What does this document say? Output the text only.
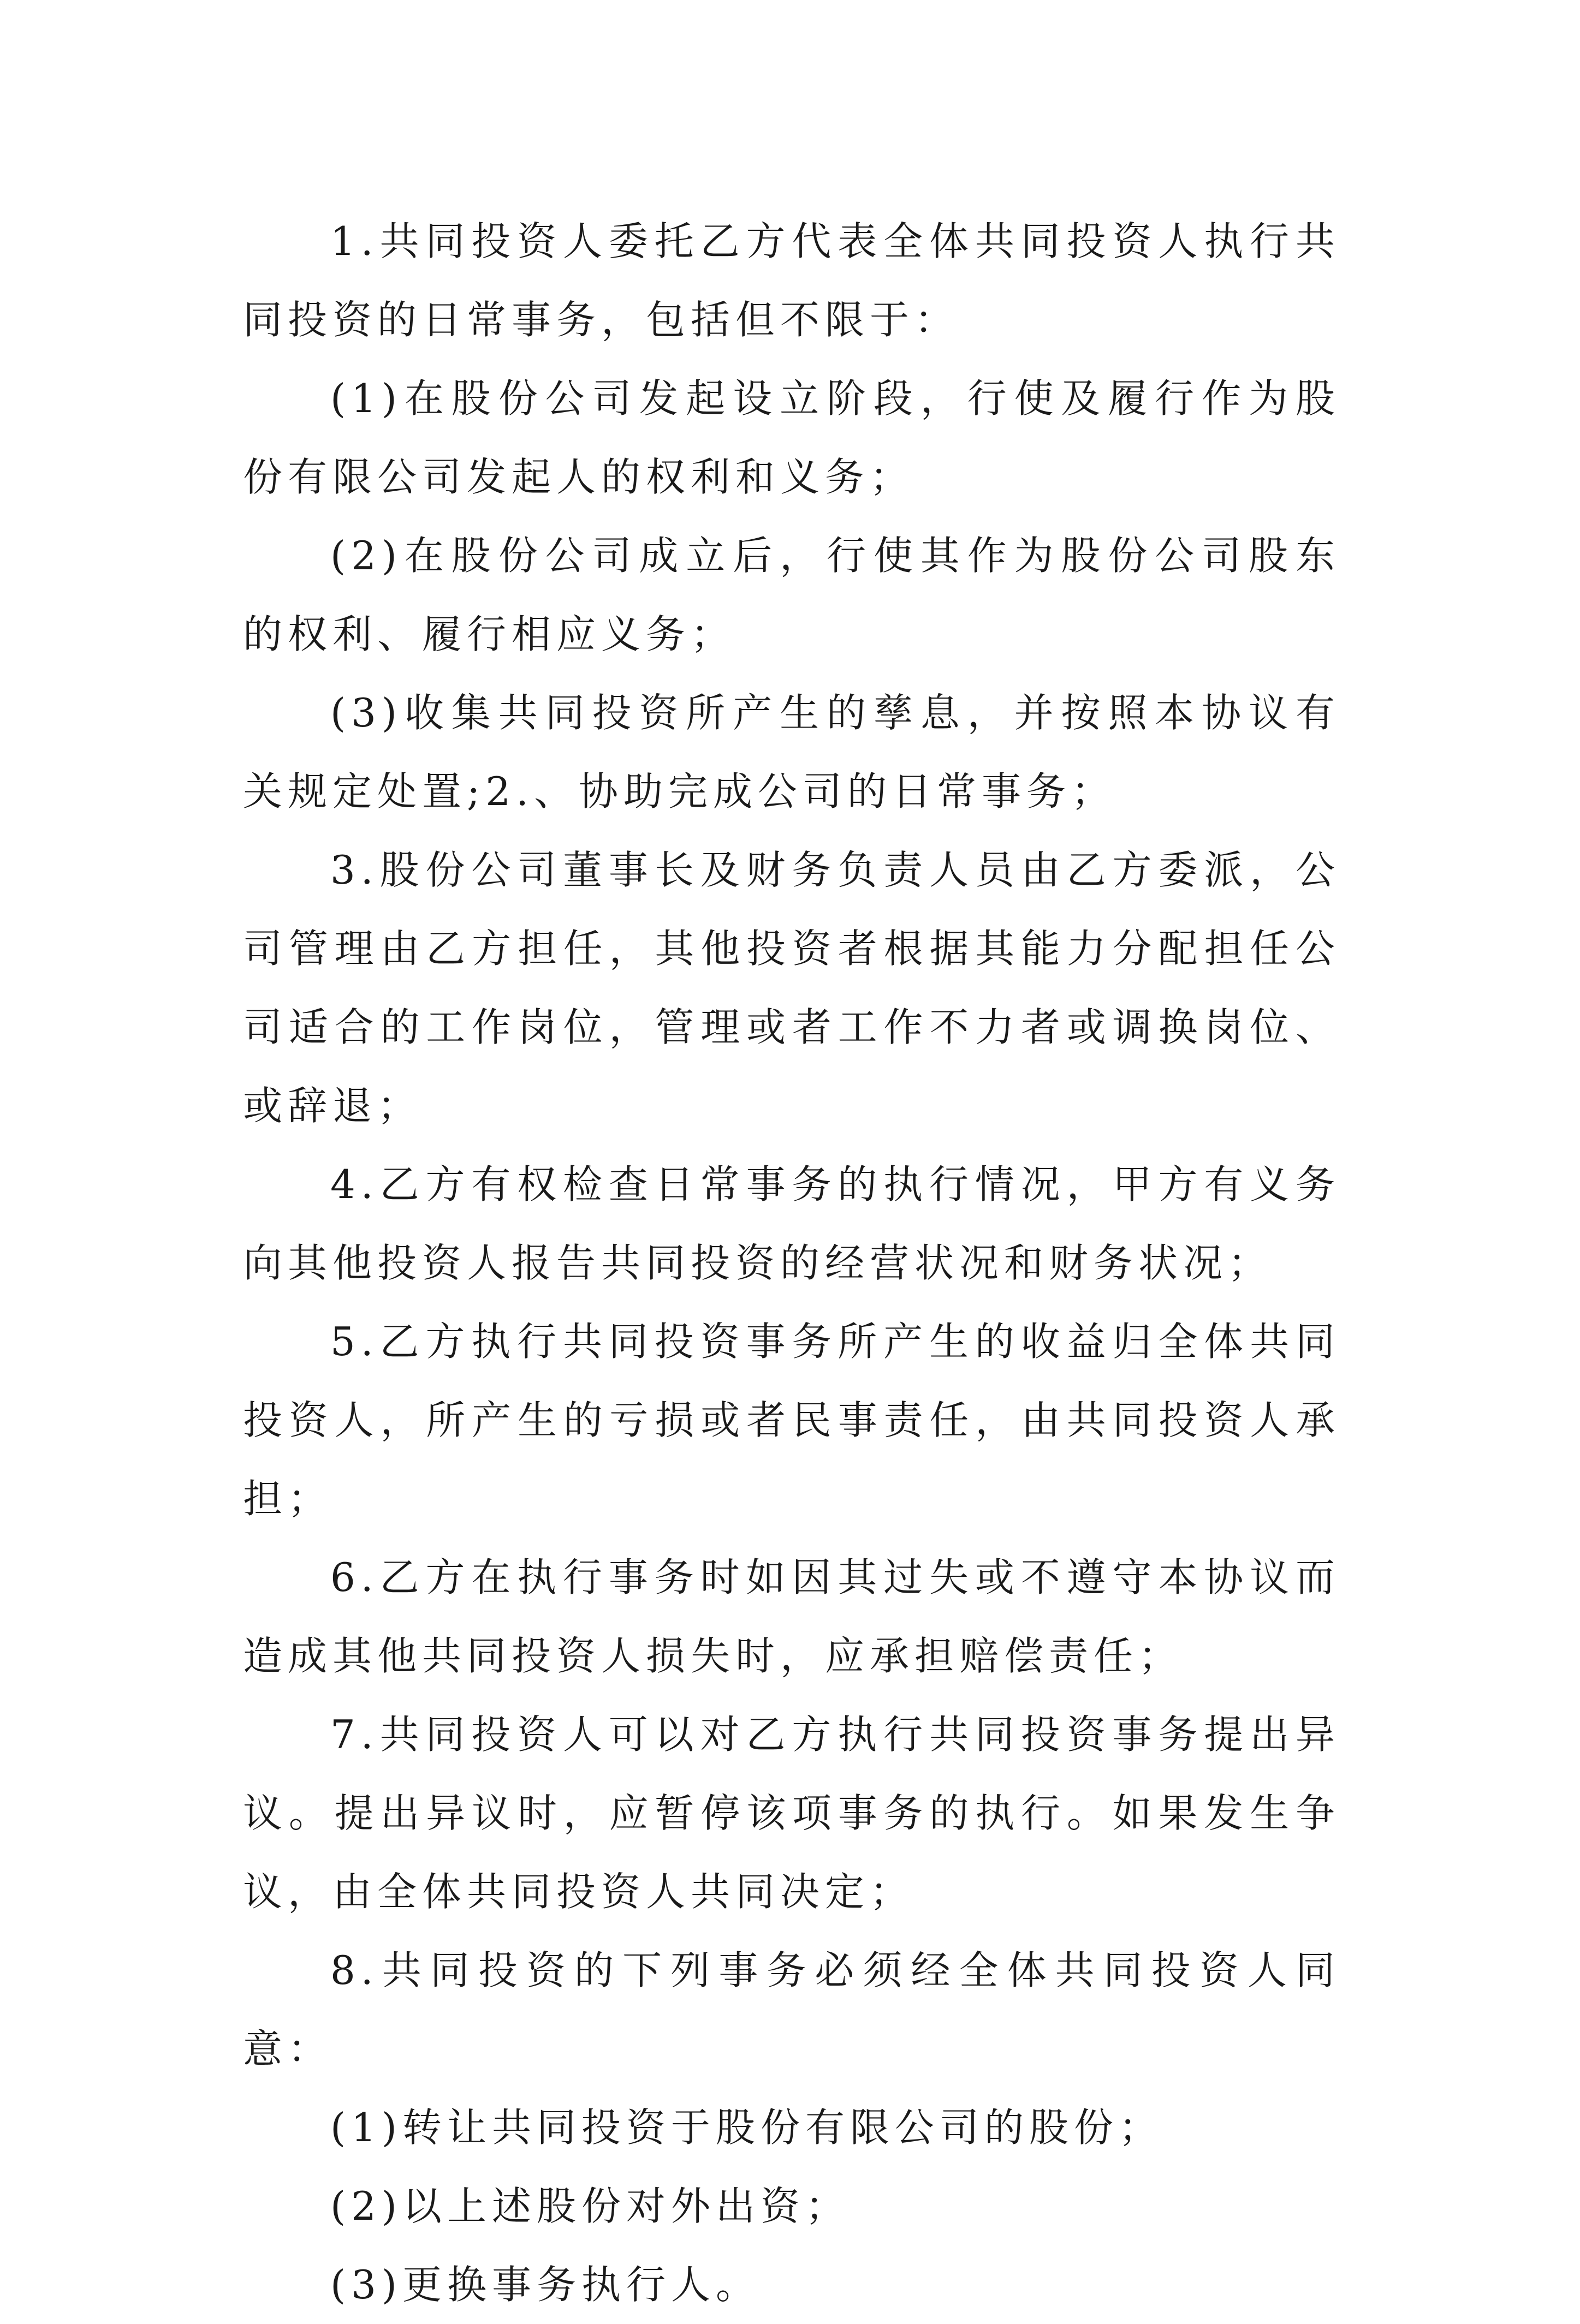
1.共同投资人委托乙方代表全体共同投资人执行共同投资的日常事务，包括但不限于：

(1)在股份公司发起设立阶段，行使及履行作为股份有限公司发起人的权利和义务；

(2)在股份公司成立后，行使其作为股份公司股东的权利、履行相应义务；

(3)收集共同投资所产生的孳息，并按照本协议有关规定处置;2.、协助完成公司的日常事务；

3.股份公司董事长及财务负责人员由乙方委派，公司管理由乙方担任，其他投资者根据其能力分配担任公司适合的工作岗位，管理或者工作不力者或调换岗位、或辞退；

4.乙方有权检查日常事务的执行情况，甲方有义务向其他投资人报告共同投资的经营状况和财务状况；

5.乙方执行共同投资事务所产生的收益归全体共同投资人，所产生的亏损或者民事责任，由共同投资人承担；

6.乙方在执行事务时如因其过失或不遵守本协议而造成其他共同投资人损失时，应承担赔偿责任；

7.共同投资人可以对乙方执行共同投资事务提出异议。提出异议时，应暂停该项事务的执行。如果发生争议，由全体共同投资人共同决定；

8.共同投资的下列事务必须经全体共同投资人同意：

(1)转让共同投资于股份有限公司的股份；

(2)以上述股份对外出资；

(3)更换事务执行人。
